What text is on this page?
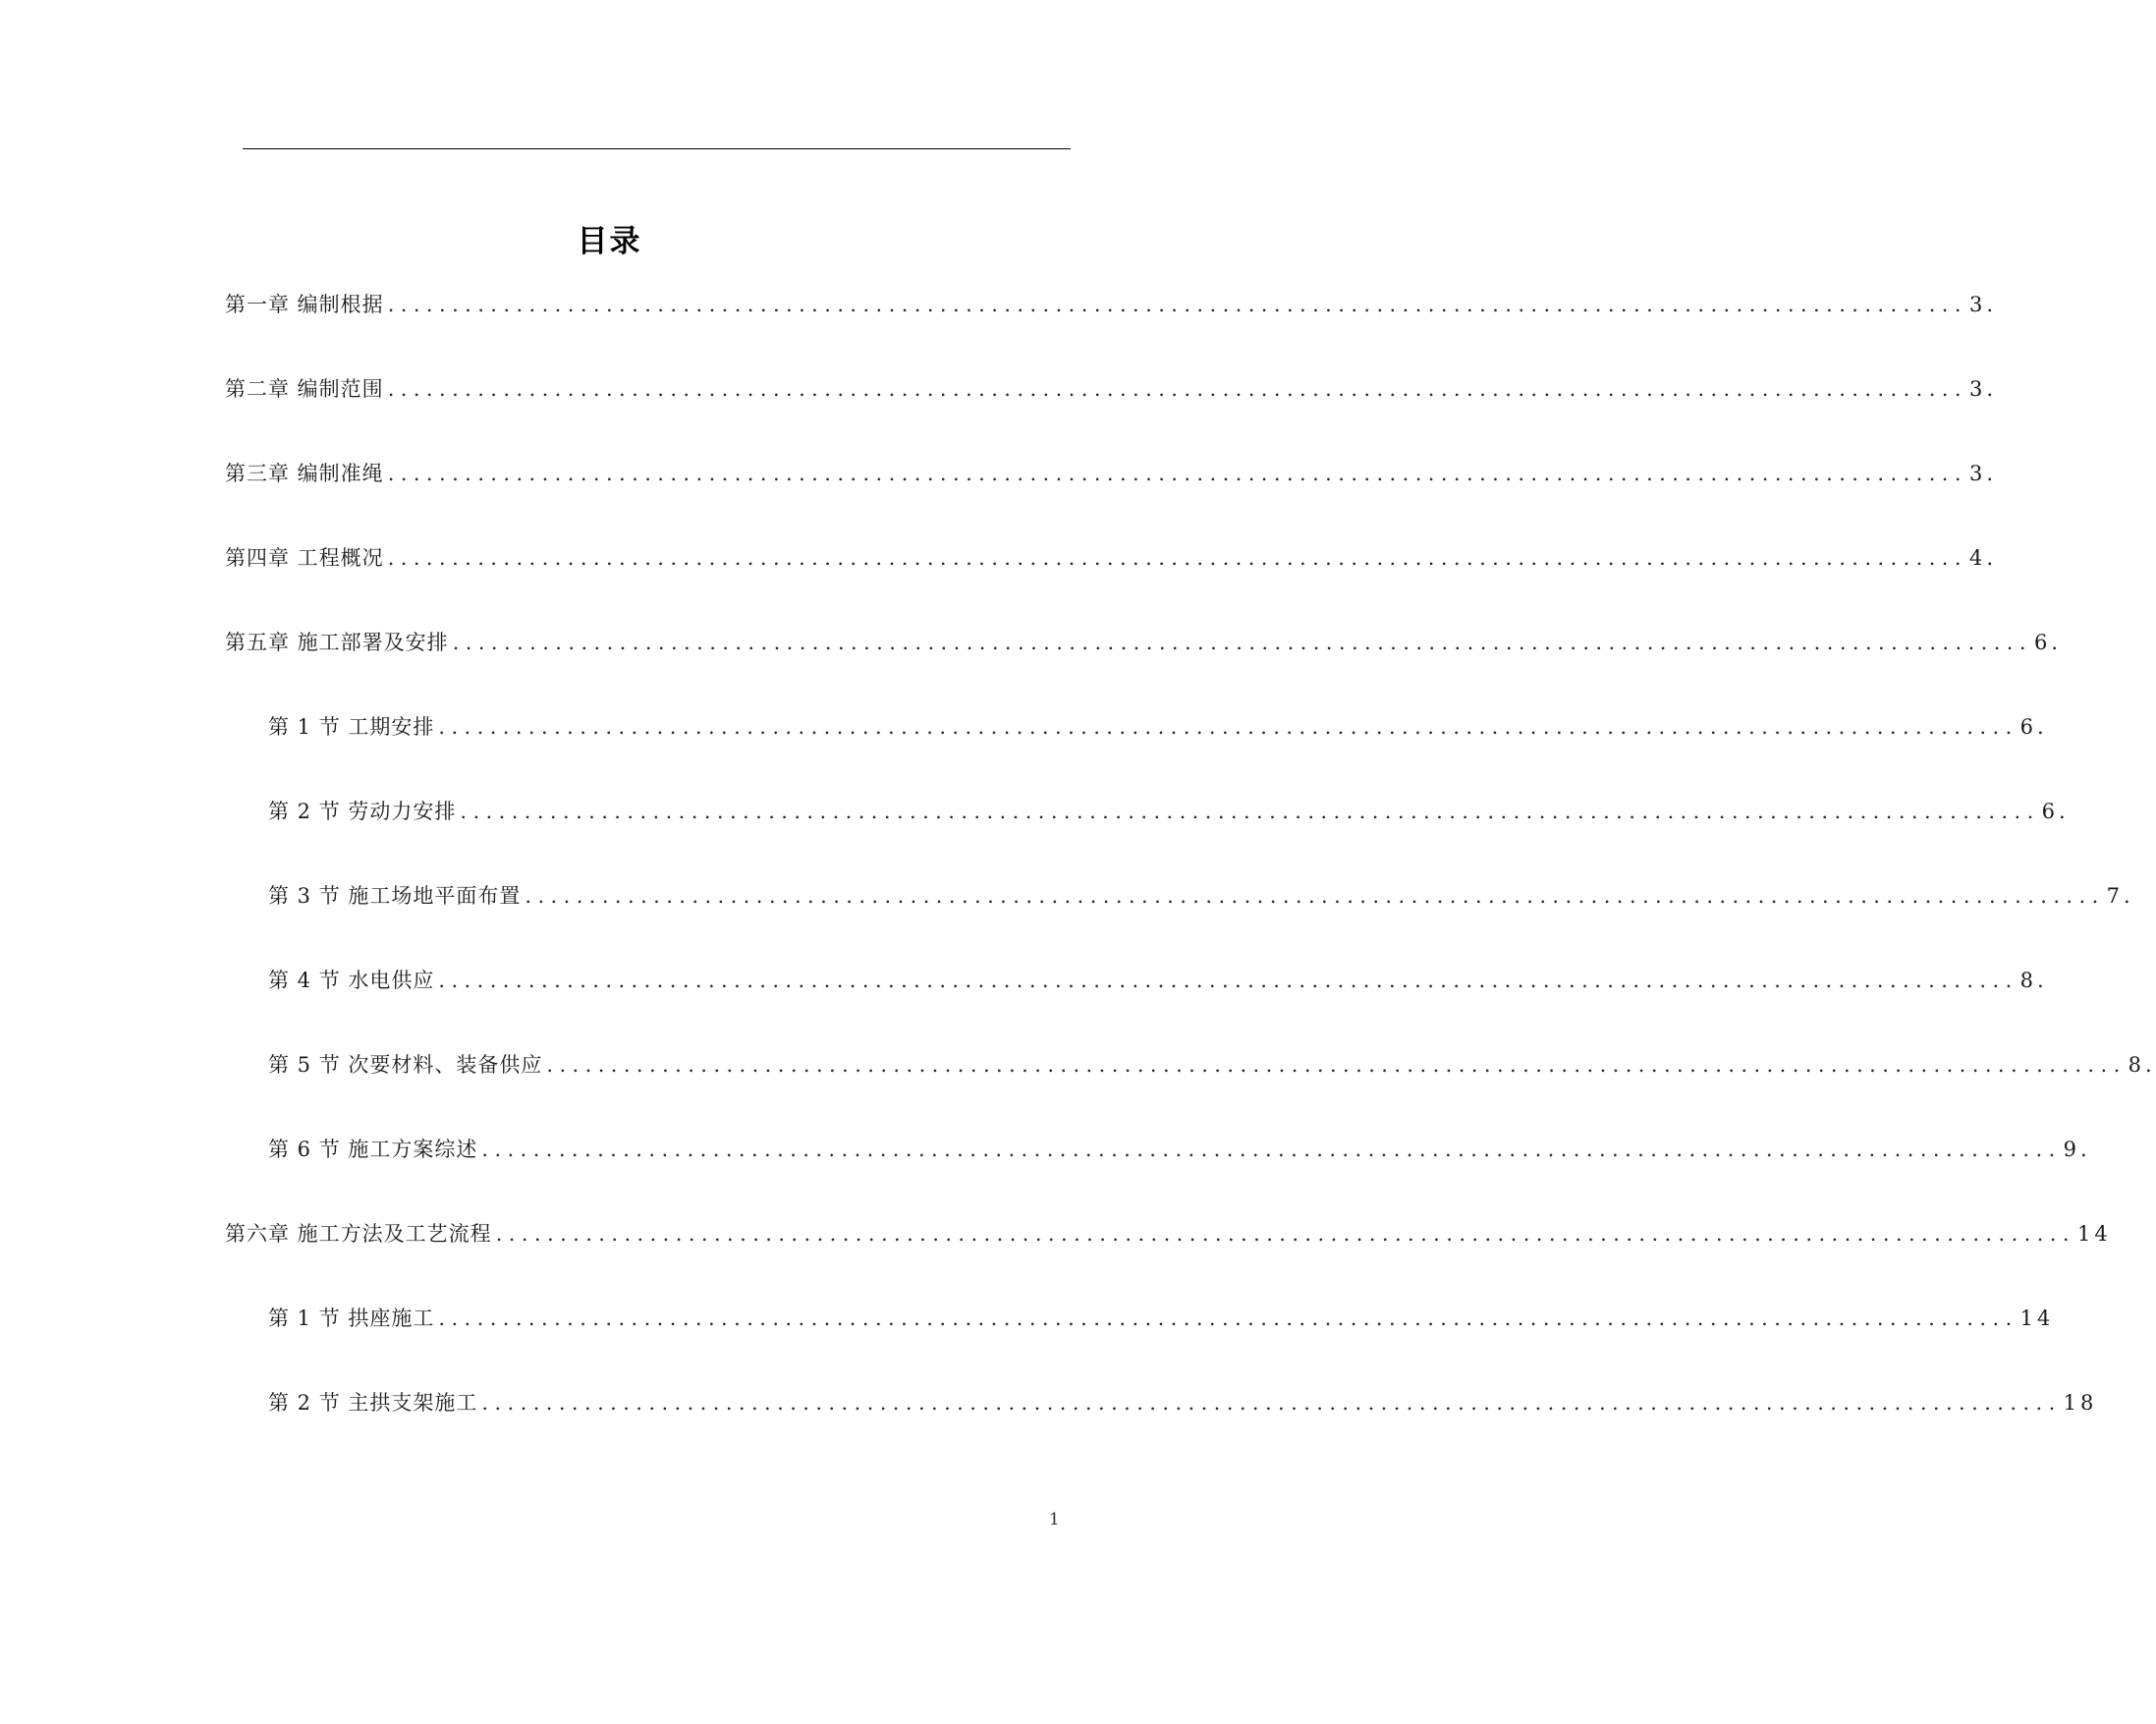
目录
第一章 编制根据 ........................................................................................................................... 3.
第二章 编制范围 ........................................................................................................................... 3.
第三章 编制准绳 ........................................................................................................................... 3.
第四章 工程概况 ........................................................................................................................... 4.
第五章 施工部署及安排 ........................................................................................................................... 6.
第 1 节 工期安排 ........................................................................................................................... 6.
第 2 节 劳动力安排 ........................................................................................................................... 6.
第 3 节 施工场地平面布置 ........................................................................................................................... 7.
第 4 节 水电供应 ........................................................................................................................... 8.
第 5 节 次要材料、装备供应 ........................................................................................................................... 8.
第 6 节 施工方案综述 ........................................................................................................................... 9.
第六章 施工方法及工艺流程 ........................................................................................................................... 14
第 1 节 拱座施工 ........................................................................................................................... 14
第 2 节 主拱支架施工 ........................................................................................................................... 18
1
